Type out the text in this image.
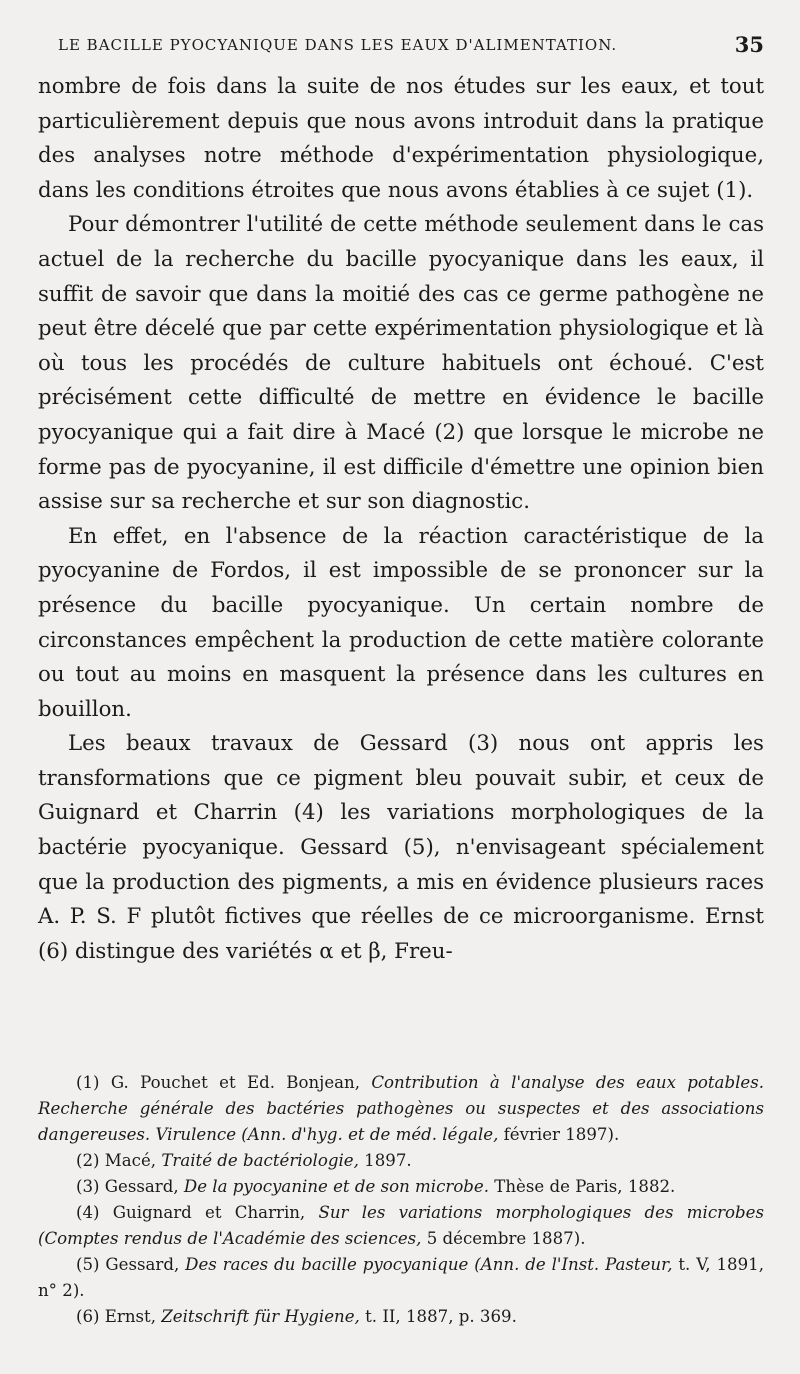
LE BACILLE PYOCYANIQUE DANS LES EAUX D'ALIMENTATION.	35

nombre de fois dans la suite de nos études sur les eaux, et tout particulièrement depuis que nous avons introduit dans la pratique des analyses notre méthode d'expérimentation physiologique, dans les conditions étroites que nous avons établies à ce sujet (1).

Pour démontrer l'utilité de cette méthode seulement dans le cas actuel de la recherche du bacille pyocyanique dans les eaux, il suffit de savoir que dans la moitié des cas ce germe pathogène ne peut être décelé que par cette expérimentation physiologique et là où tous les procédés de culture habituels ont échoué. C'est précisément cette difficulté de mettre en évidence le bacille pyocyanique qui a fait dire à Macé (2) que lorsque le microbe ne forme pas de pyocyanine, il est difficile d'émettre une opinion bien assise sur sa recherche et sur son diagnostic.

En effet, en l'absence de la réaction caractéristique de la pyocyanine de Fordos, il est impossible de se prononcer sur la présence du bacille pyocyanique. Un certain nombre de circonstances empêchent la production de cette matière colorante ou tout au moins en masquent la présence dans les cultures en bouillon.

Les beaux travaux de Gessard (3) nous ont appris les transformations que ce pigment bleu pouvait subir, et ceux de Guignard et Charrin (4) les variations morphologiques de la bactérie pyocyanique. Gessard (5), n'envisageant spécialement que la production des pigments, a mis en évidence plusieurs races A. P. S. F plutôt fictives que réelles de ce microorganisme. Ernst (6) distingue des variétés α et β, Freu-

(1) G. Pouchet et Ed. Bonjean, Contribution à l'analyse des eaux potables. Recherche générale des bactéries pathogènes ou suspectes et des associations dangereuses. Virulence (Ann. d'hyg. et de méd. légale, février 1897).

(2) Macé, Traité de bactériologie, 1897.

(3) Gessard, De la pyocyanine et de son microbe. Thèse de Paris, 1882.

(4) Guignard et Charrin, Sur les variations morphologiques des microbes (Comptes rendus de l'Académie des sciences, 5 décembre 1887).

(5) Gessard, Des races du bacille pyocyanique (Ann. de l'Inst. Pasteur, t. V, 1891, n° 2).

(6) Ernst, Zeitschrift für Hygiene, t. II, 1887, p. 369.
